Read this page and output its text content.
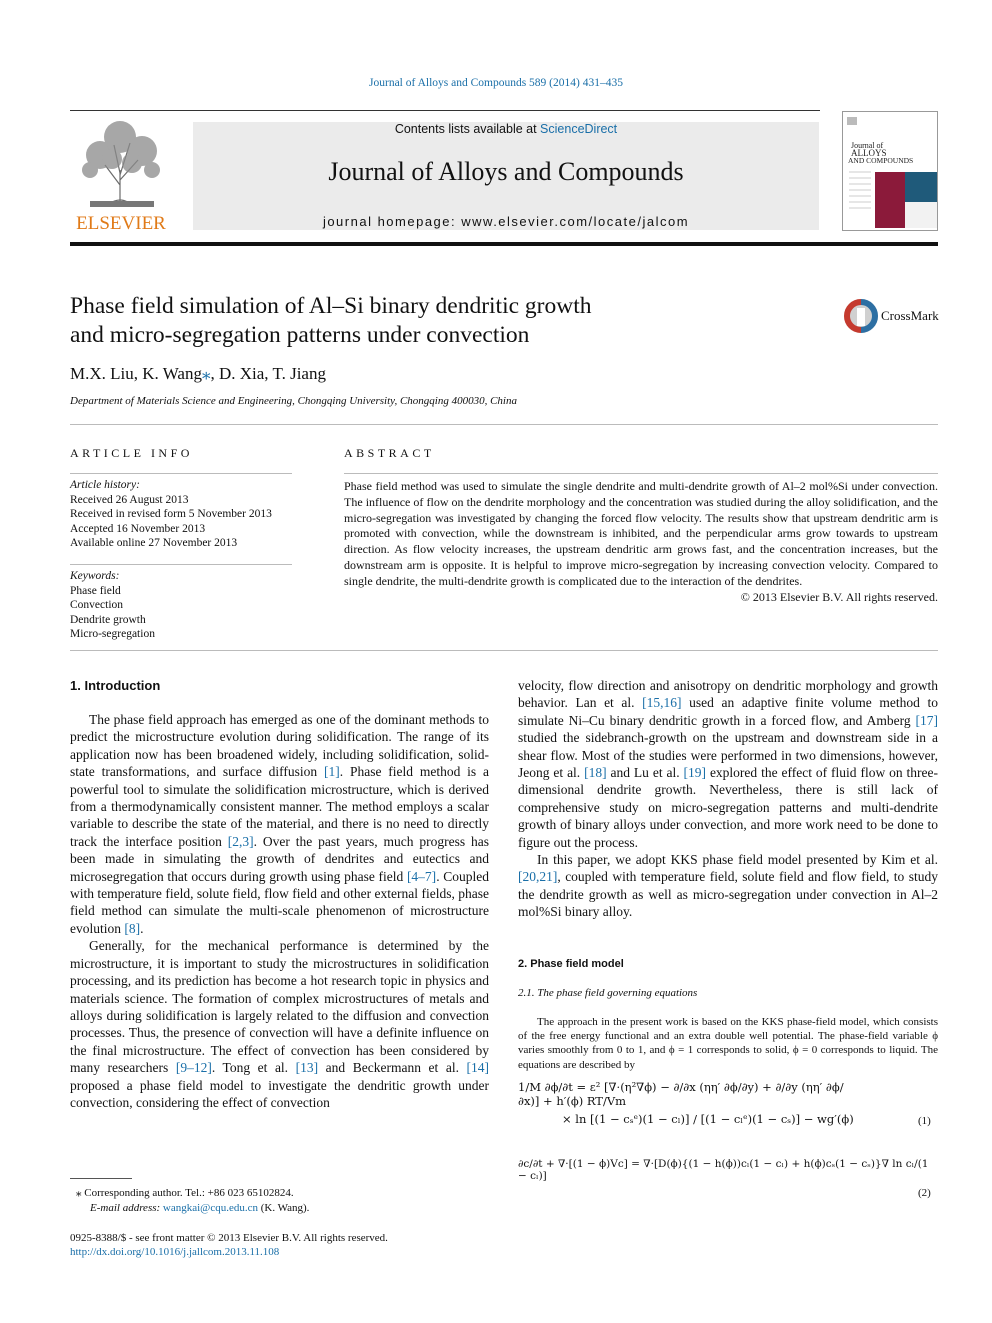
Journal of Alloys and Compounds 589 (2014) 431–435
ELSEVIER
Contents lists available at ScienceDirect
Journal of Alloys and Compounds
journal homepage: www.elsevier.com/locate/jalcom
Journal of
ALLOYS
AND COMPOUNDS
Phase field simulation of Al–Si binary dendritic growth
and micro-segregation patterns under convection
CrossMark
M.X. Liu, K. Wang⁎, D. Xia, T. Jiang
Department of Materials Science and Engineering, Chongqing University, Chongqing 400030, China
ARTICLE INFO
Article history:
Received 26 August 2013
Received in revised form 5 November 2013
Accepted 16 November 2013
Available online 27 November 2013
Keywords:
Phase field
Convection
Dendrite growth
Micro-segregation
ABSTRACT
Phase field method was used to simulate the single dendrite and multi-dendrite growth of Al–2 mol%Si under convection. The influence of flow on the dendrite morphology and the concentration was studied during the alloy solidification, and the micro-segregation was investigated by changing the forced flow velocity. The results show that upstream dendritic arm is promoted with convection, while the downstream is inhibited, and the perpendicular arms grow towards to upstream direction. As flow velocity increases, the upstream dendritic arm grows fast, and the concentration increases, but the downstream arm is opposite. It is helpful to improve micro-segregation by increasing convection velocity. Compared to single dendrite, the multi-dendrite growth is complicated due to the interaction of the dendrites.
© 2013 Elsevier B.V. All rights reserved.
1. Introduction

The phase field approach has emerged as one of the dominant methods to predict the microstructure evolution during solidification. The range of its application now has been broadened widely, including solidification, solid-state transformations, and surface diffusion [1]. Phase field method is a powerful tool to simulate the solidification microstructure, which is derived from a thermodynamically consistent manner. The method employs a scalar variable to describe the state of the material, and there is no need to directly track the interface position [2,3]. Over the past years, much progress has been made in simulating the growth of dendrites and eutectics and microsegregation that occurs during growth using phase field [4–7]. Coupled with temperature field, solute field, flow field and other external fields, phase field method can simulate the multi-scale phenomenon of microstructure evolution [8].

Generally, for the mechanical performance is determined by the microstructure, it is important to study the microstructures in solidification processing, and its prediction has become a hot research topic in physics and materials science. The formation of complex microstructures of metals and alloys during solidification is largely related to the diffusion and convection processes. Thus, the presence of convection will have a definite influence on the final microstructure. The effect of convection has been considered by many researchers [9–12]. Tong et al. [13] and Beckermann et al. [14] proposed a phase field model to investigate the dendritic growth under convection, considering the effect of convection

⁎ Corresponding author. Tel.: +86 023 65102824.
E-mail address: wangkai@cqu.edu.cn (K. Wang).
0925-8388/$ - see front matter © 2013 Elsevier B.V. All rights reserved.
http://dx.doi.org/10.1016/j.jallcom.2013.11.108

velocity, flow direction and anisotropy on dendritic morphology and growth behavior. Lan et al. [15,16] used an adaptive finite volume method to simulate Ni–Cu binary dendritic growth in a forced flow, and Amberg [17] studied the sidebranch-growth on the upstream and downstream side in a shear flow. Most of the studies were performed in two dimensions, however, Jeong et al. [18] and Lu et al. [19] explored the effect of fluid flow on three-dimensional dendrite growth. Nevertheless, there is still lack of comprehensive study on micro-segregation patterns and multi-dendrite growth of binary alloys under convection, and more work need to be done to figure out the process.

In this paper, we adopt KKS phase field model presented by Kim et al. [20,21], coupled with temperature field, solute field and flow field, to study the dendrite growth as well as micro-segregation under convection in Al–2 mol%Si binary alloy.

2. Phase field model
2.1. The phase field governing equations
The approach in the present work is based on the KKS phase-field model, which consists of the free energy functional and an extra double well potential. The phase-field variable ϕ varies smoothly from 0 to 1, and ϕ = 1 corresponds to solid, ϕ = 0 corresponds to liquid. The equations are described by
1/M ∂ϕ/∂t = ε² [∇·(η²∇ϕ) − ∂/∂x (ηη′ ∂ϕ/∂y) + ∂/∂y (ηη′ ∂ϕ/∂x)] + h′(ϕ) RT/Vm
× ln [(1 − cₛᵉ)(1 − cₗ)] / [(1 − cₗᵉ)(1 − cₛ)] − wg′(ϕ)	(1)
∂c/∂t + ∇·[(1 − ϕ)Vc] = ∇·[D(ϕ){(1 − h(ϕ))cₗ(1 − cₗ) + h(ϕ)cₛ(1 − cₛ)}∇ ln cₗ/(1 − cₗ)]
(2)
